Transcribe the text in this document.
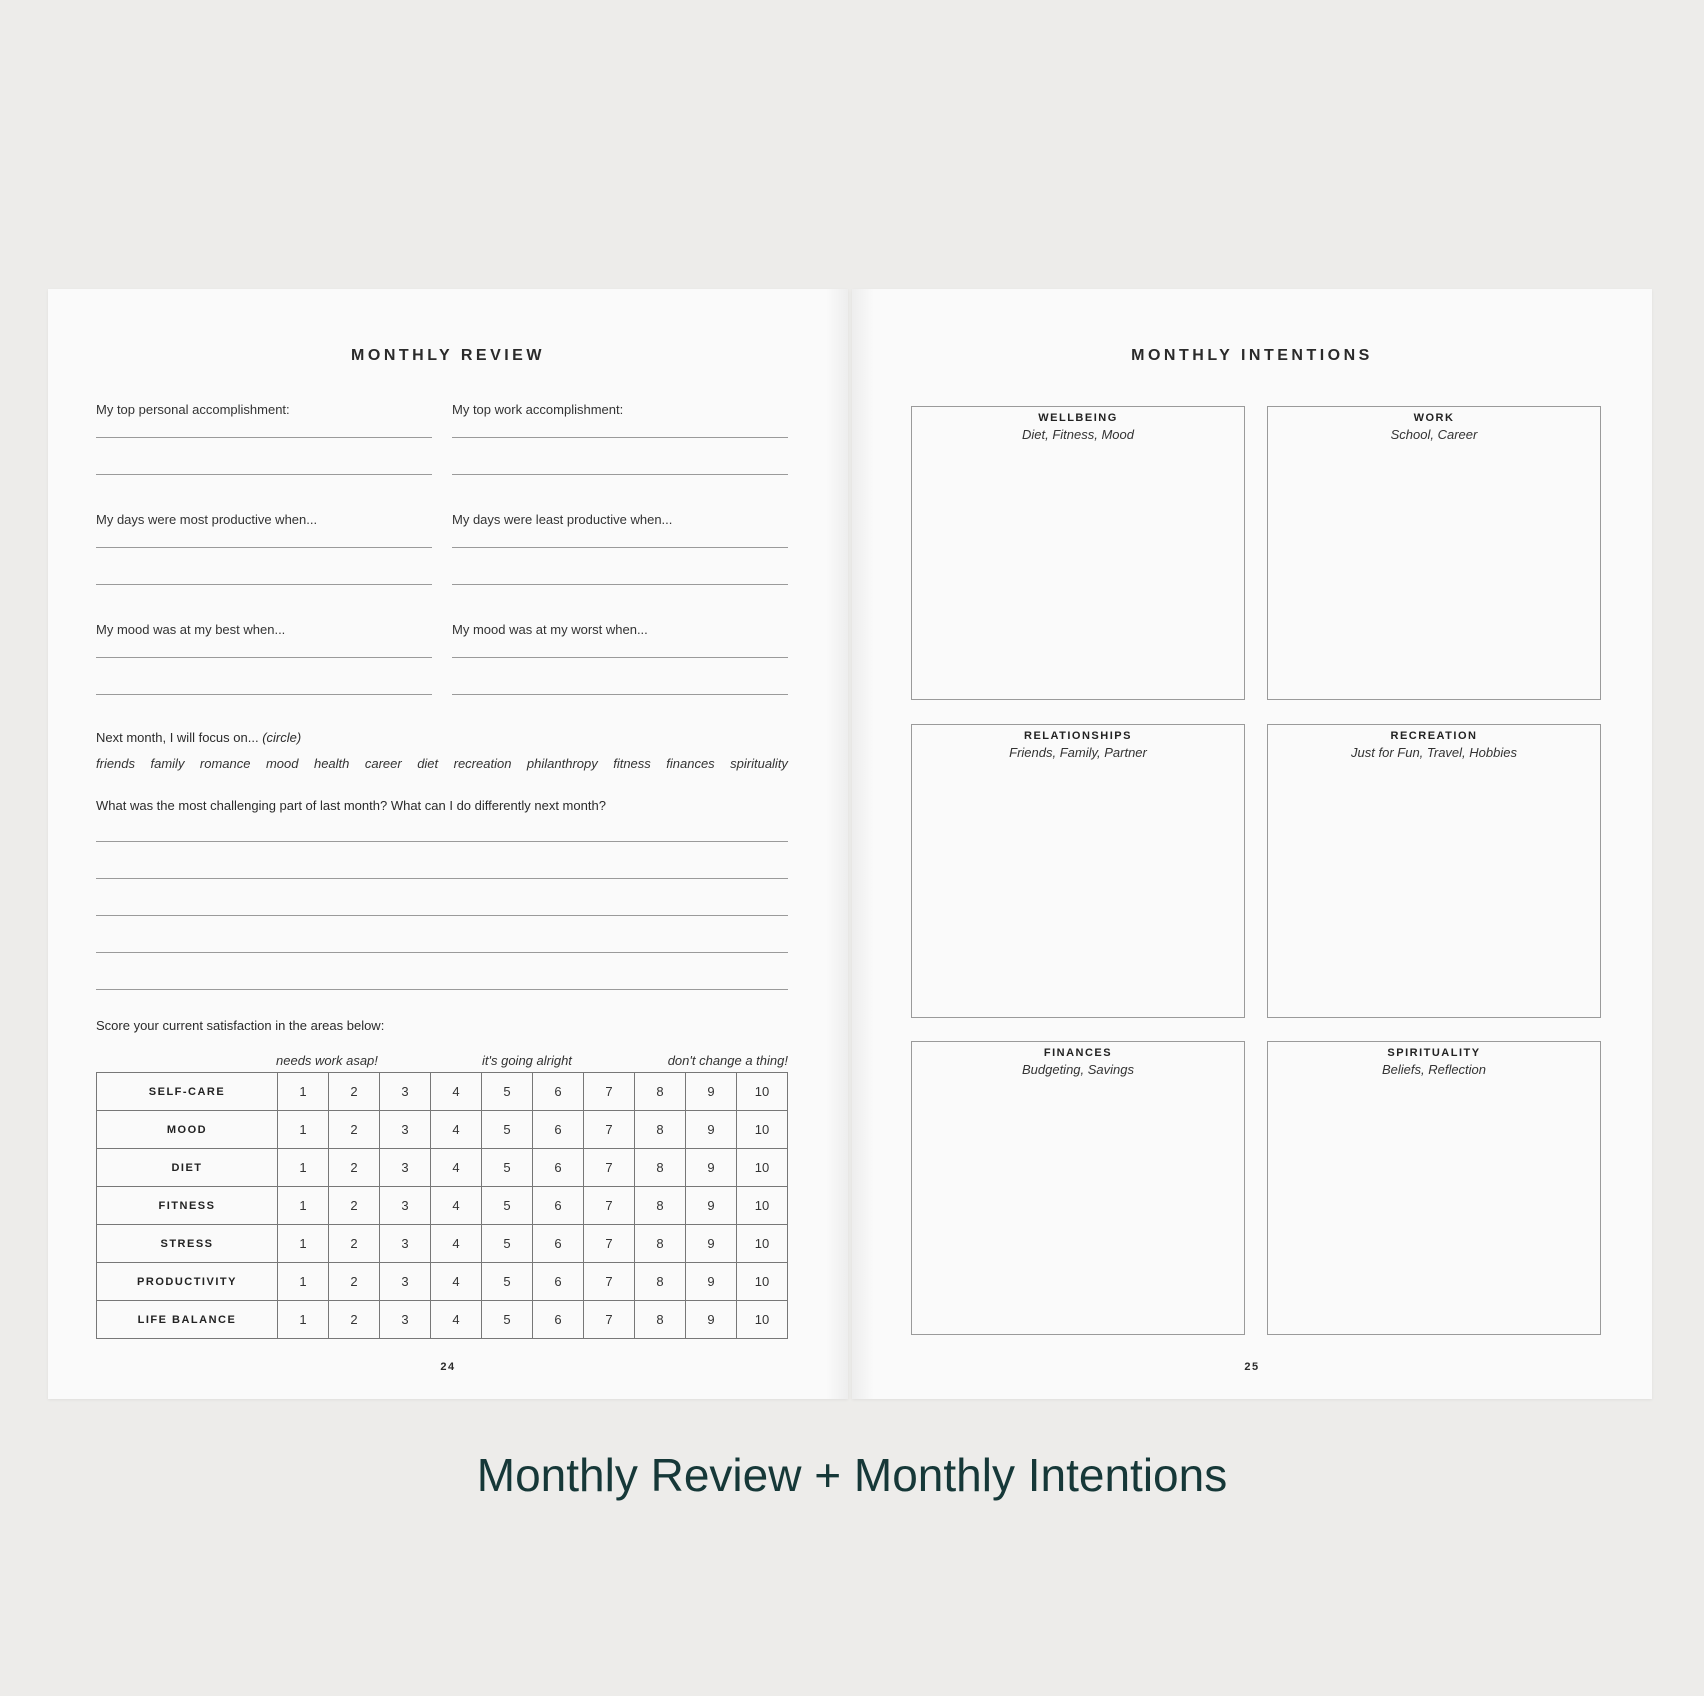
MONTHLY REVIEW
My top personal accomplishment:	My top work accomplishment:
My days were most productive when...	My days were least productive when...
My mood was at my best when...	My mood was at my worst when...
Next month, I will focus on... (circle)
friends family romance mood health career diet recreation philanthropy fitness finances spirituality
What was the most challenging part of last month? What can I do differently next month?
Score your current satisfaction in the areas below:
needs work asap!	it's going alright	don't change a thing!
SELF-CARE	1	2	3	4	5	6	7	8	9	10
MOOD	1	2	3	4	5	6	7	8	9	10
DIET	1	2	3	4	5	6	7	8	9	10
FITNESS	1	2	3	4	5	6	7	8	9	10
STRESS	1	2	3	4	5	6	7	8	9	10
PRODUCTIVITY	1	2	3	4	5	6	7	8	9	10
LIFE BALANCE	1	2	3	4	5	6	7	8	9	10
24
MONTHLY INTENTIONS
WELLBEING
Diet, Fitness, Mood
WORK
School, Career
RELATIONSHIPS
Friends, Family, Partner
RECREATION
Just for Fun, Travel, Hobbies
FINANCES
Budgeting, Savings
SPIRITUALITY
Beliefs, Reflection
25
Monthly Review + Monthly Intentions
